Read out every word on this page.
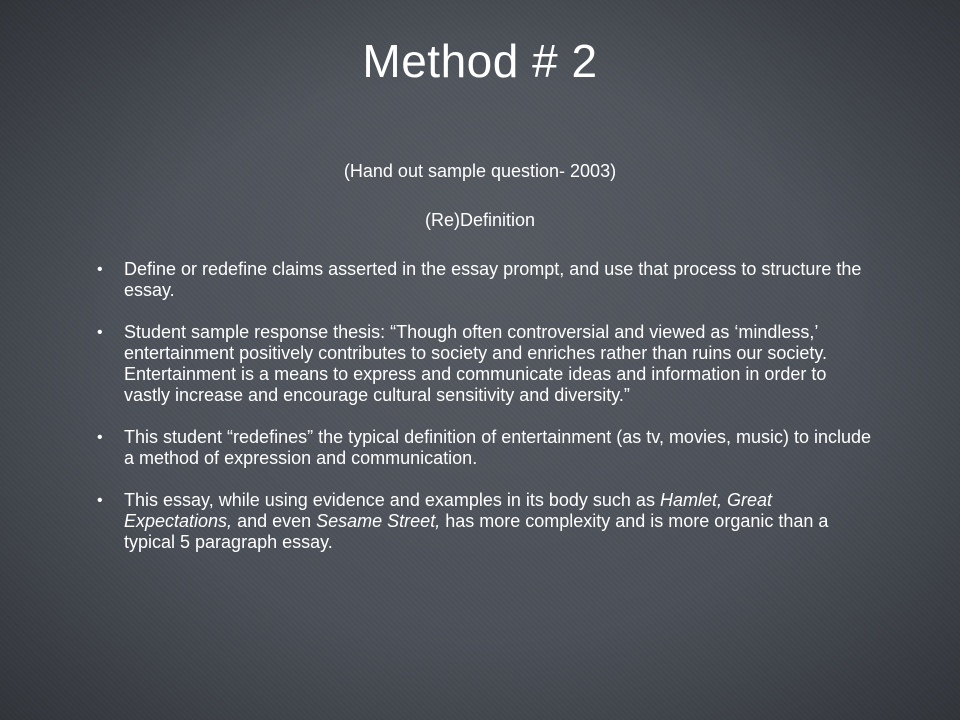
Method # 2

(Hand out sample question- 2003)

(Re)Definition

• Define or redefine claims asserted in the essay prompt, and use that process to structure the essay.
• Student sample response thesis: “Though often controversial and viewed as ‘mindless,’ entertainment positively contributes to society and enriches rather than ruins our society. Entertainment is a means to express and communicate ideas and information in order to vastly increase and encourage cultural sensitivity and diversity.”
• This student “redefines” the typical definition of entertainment (as tv, movies, music) to include a method of expression and communication.
• This essay, while using evidence and examples in its body such as Hamlet, Great Expectations, and even Sesame Street, has more complexity and is more organic than a typical 5 paragraph essay.
